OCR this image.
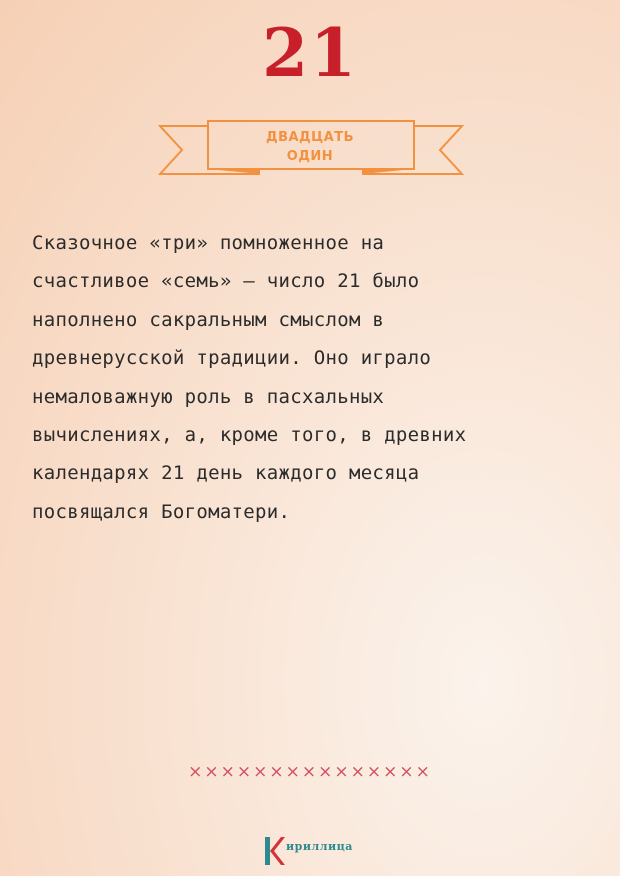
21
ДВАДЦАТЬ
ОДИН
Сказочное «три» помноженное на
счастливое «семь» – число 21 было
наполнено сакральным смыслом в
древнерусской традиции. Оно играло
немаловажную роль в пасхальных
вычислениях, а, кроме того, в древних
календарях 21 день каждого месяца
посвящался Богоматери.
×××××××××××××××
ириллица
